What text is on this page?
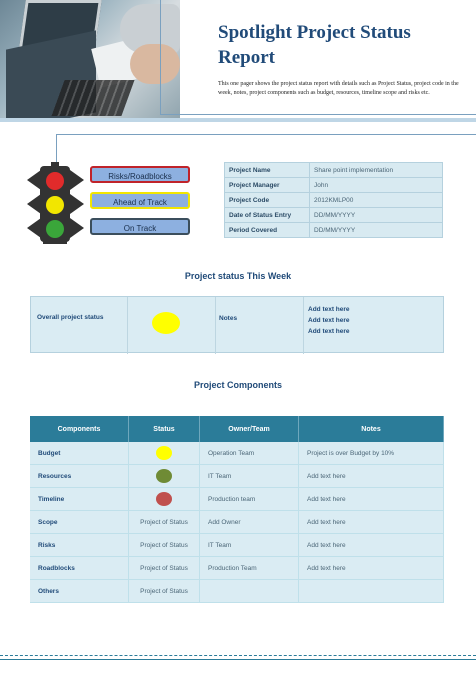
Spotlight Project Status Report
This one pager shows the project status report with details such as Project Status, project code in the week, notes, project components such as budget, resources, timeline scope and risks etc.
Risks/Roadblocks
Ahead of Track
On Track
Project Name	Share point implementation
Project Manager	John
Project Code	2012KMLP00
Date of Status Entry	DD/MM/YYYY
Period Covered	DD/MM/YYYY
Project status This Week
Overall project status	Notes
Add text here
Add text here
Add text here
Project Components
Components	Status	Owner/Team	Notes
Budget		Operation Team	Project is over Budget by 10%
Resources		IT Team	Add text here
Timeline		Production team	Add text here
Scope	Project of Status	Add Owner	Add text here
Risks	Project of Status	IT Team	Add text here
Roadblocks	Project of Status	Production Team	Add text here
Others	Project of Status		
